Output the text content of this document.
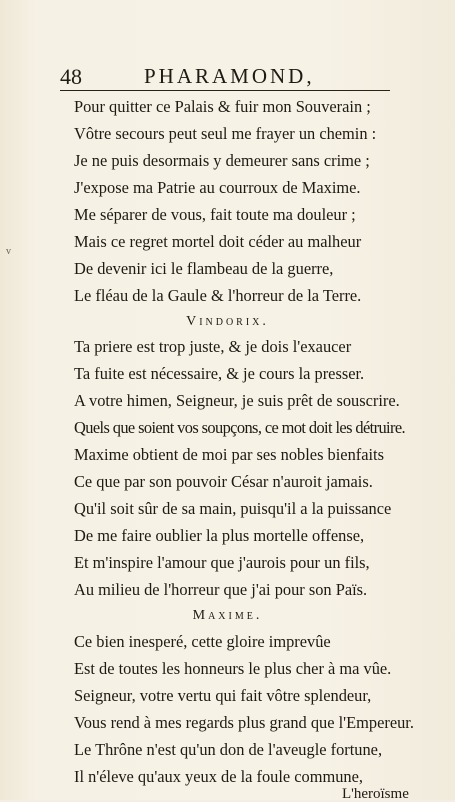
48	PHARAMOND,
v
Pour quitter ce Palais & fuir mon Souverain ;
Vôtre secours peut seul me frayer un chemin :
Je ne puis desormais y demeurer sans crime ;
J'expose ma Patrie au courroux de Maxime.
Me séparer de vous, fait toute ma douleur ;
Mais ce regret mortel doit céder au malheur
De devenir ici le flambeau de la guerre,
Le fléau de la Gaule & l'horreur de la Terre.
Vindorix.
Ta priere est trop juste, & je dois l'exaucer
Ta fuite est nécessaire, & je cours la presser.
A votre himen, Seigneur, je suis prêt de souscrire.
Quels que soient vos soupçons, ce mot doit les détruire.
Maxime obtient de moi par ses nobles bienfaits
Ce que par son pouvoir César n'auroit jamais.
Qu'il soit sûr de sa main, puisqu'il a la puissance
De me faire oublier la plus mortelle offense,
Et m'inspire l'amour que j'aurois pour un fils,
Au milieu de l'horreur que j'ai pour son Païs.
Maxime.
Ce bien inesperé, cette gloire imprevûe
Est de toutes les honneurs le plus cher à ma vûe.
Seigneur, votre vertu qui fait vôtre splendeur,
Vous rend à mes regards plus grand que l'Empereur.
Le Thrône n'est qu'un don de l'aveugle fortune,
Il n'éleve qu'aux yeux de la foule commune,
L'heroïsme
